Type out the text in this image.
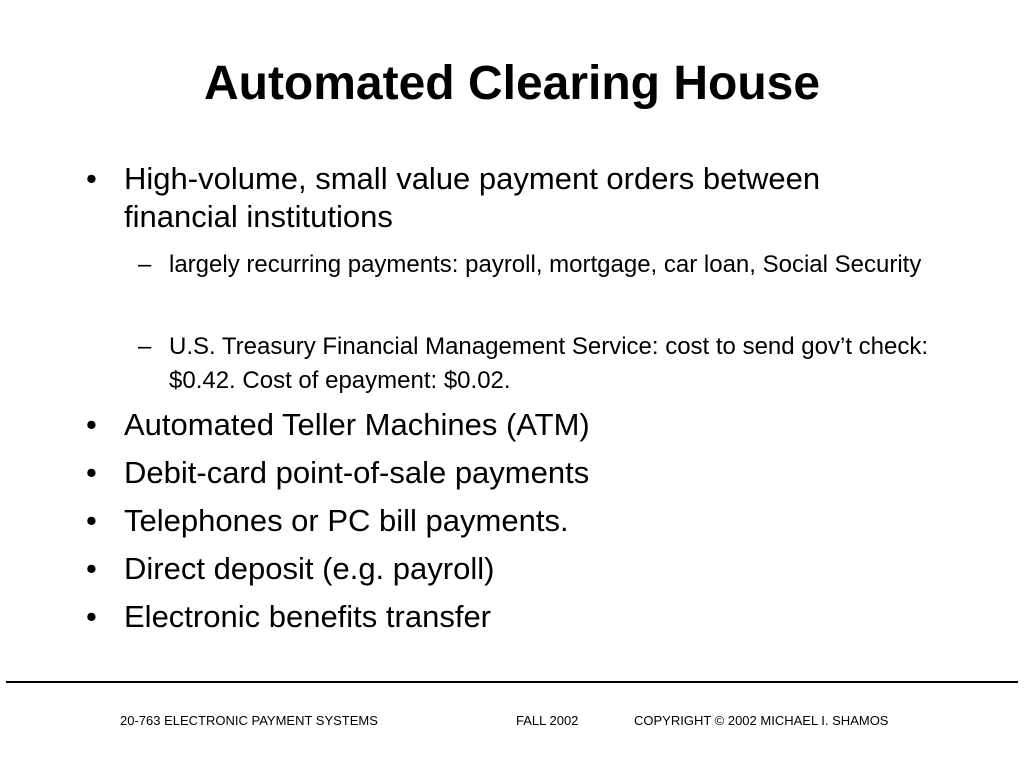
Automated Clearing House
• High-volume, small value payment orders between financial institutions
– largely recurring payments: payroll, mortgage, car loan, Social Security
– U.S. Treasury Financial Management Service: cost to send gov’t check: $0.42. Cost of epayment: $0.02.
• Automated Teller Machines (ATM)
• Debit-card point-of-sale payments
• Telephones or PC bill payments.
• Direct deposit (e.g. payroll)
• Electronic benefits transfer
20-763 ELECTRONIC PAYMENT SYSTEMS	FALL 2002	COPYRIGHT © 2002 MICHAEL I. SHAMOS
